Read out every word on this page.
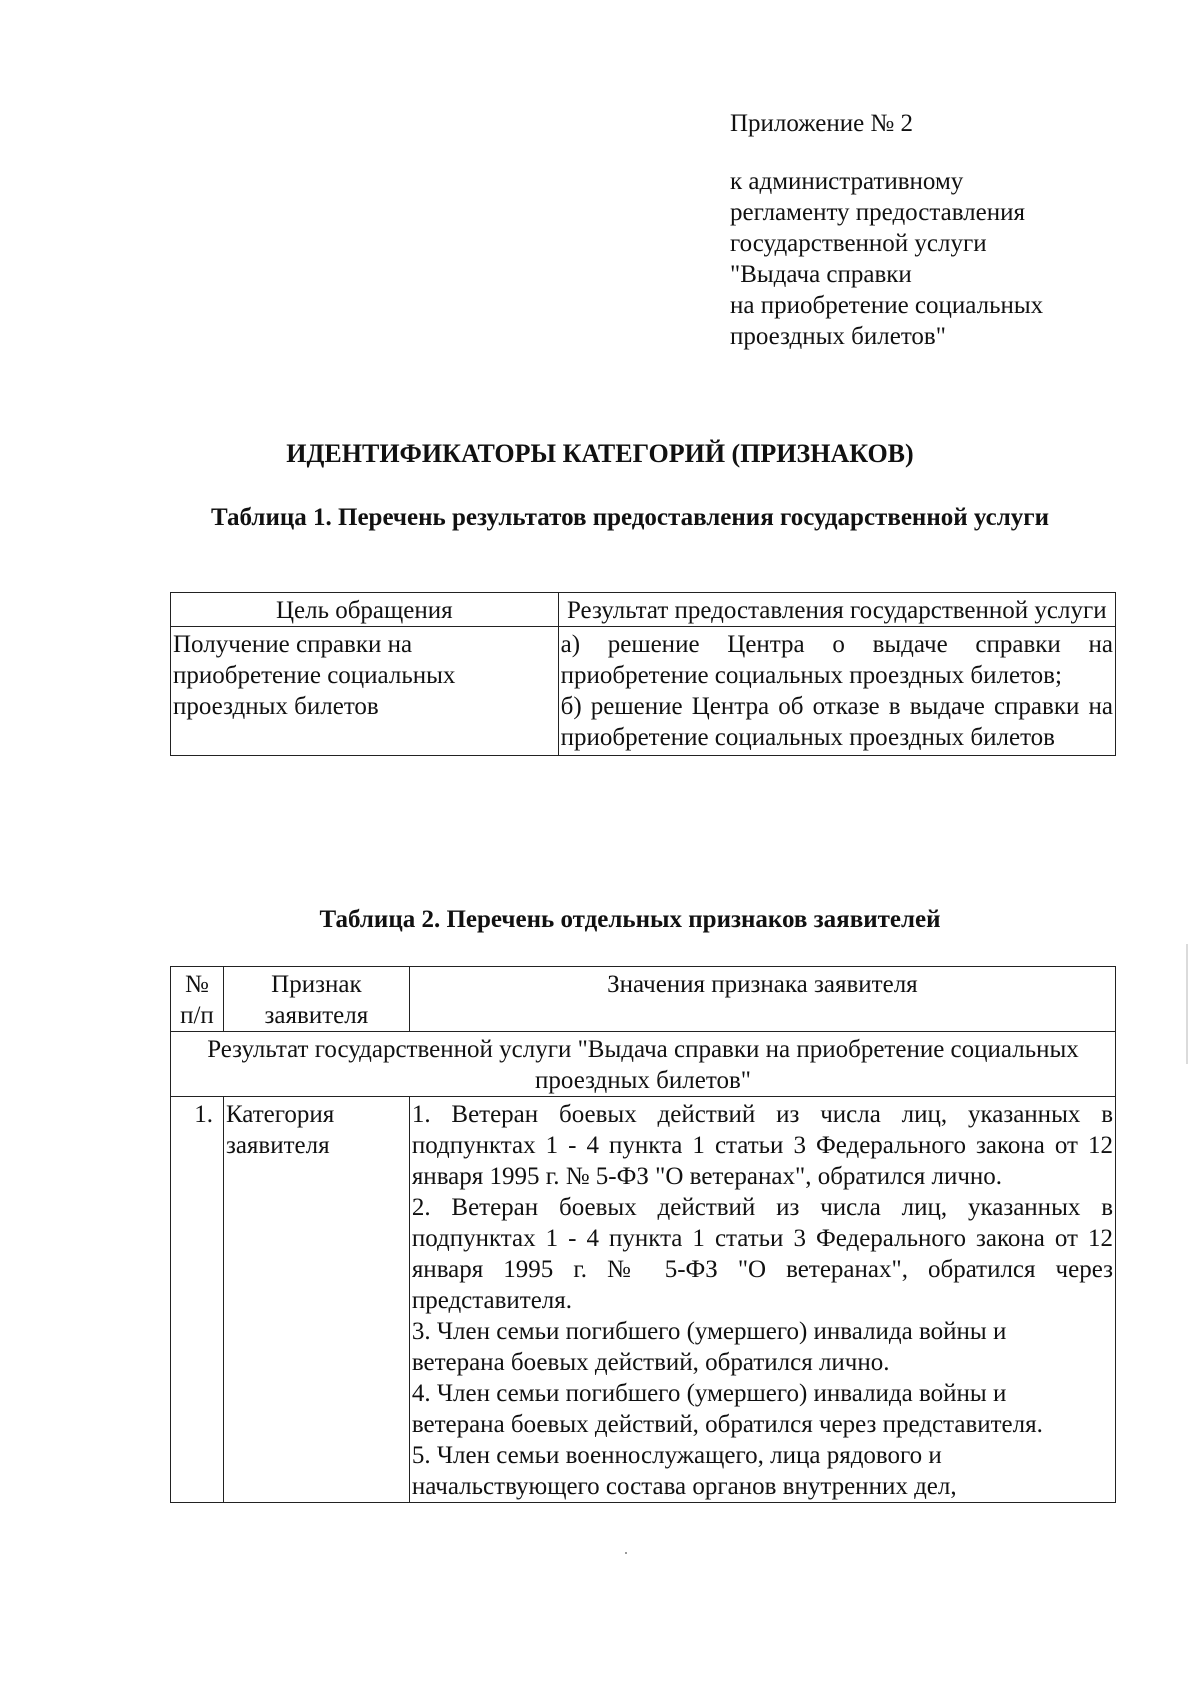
Приложение № 2
к административному
регламенту предоставления
государственной услуги
"Выдача справки
на приобретение социальных
проездных билетов"
ИДЕНТИФИКАТОРЫ КАТЕГОРИЙ (ПРИЗНАКОВ)
Таблица 1. Перечень результатов предоставления государственной услуги
Цель обращения	Результат предоставления государственной услуги
Получение справки на приобретение социальных проездных билетов	а) решение Центра о выдаче справки на приобретение социальных проездных билетов;
б) решение Центра об отказе в выдаче справки на приобретение социальных проездных билетов
Таблица 2. Перечень отдельных признаков заявителей
№ п/п	Признак заявителя	Значения признака заявителя
Результат государственной услуги "Выдача справки на приобретение социальных проездных билетов"		
1.	Категория заявителя	1. Ветеран боевых действий из числа лиц, указанных в подпунктах 1 - 4 пункта 1 статьи 3 Федерального закона от 12 января 1995 г. № 5-ФЗ "О ветеранах", обратился лично.

2. Ветеран боевых действий из числа лиц, указанных в подпунктах 1 - 4 пункта 1 статьи 3 Федерального закона от 12 января 1995 г. № 5-ФЗ "О ветеранах", обратился через представителя.

3. Член семьи погибшего (умершего) инвалида войны и ветерана боевых действий, обратился лично.

4. Член семьи погибшего (умершего) инвалида войны и ветерана боевых действий, обратился через представителя.

5. Член семьи военнослужащего, лица рядового и начальствующего состава органов внутренних дел,
